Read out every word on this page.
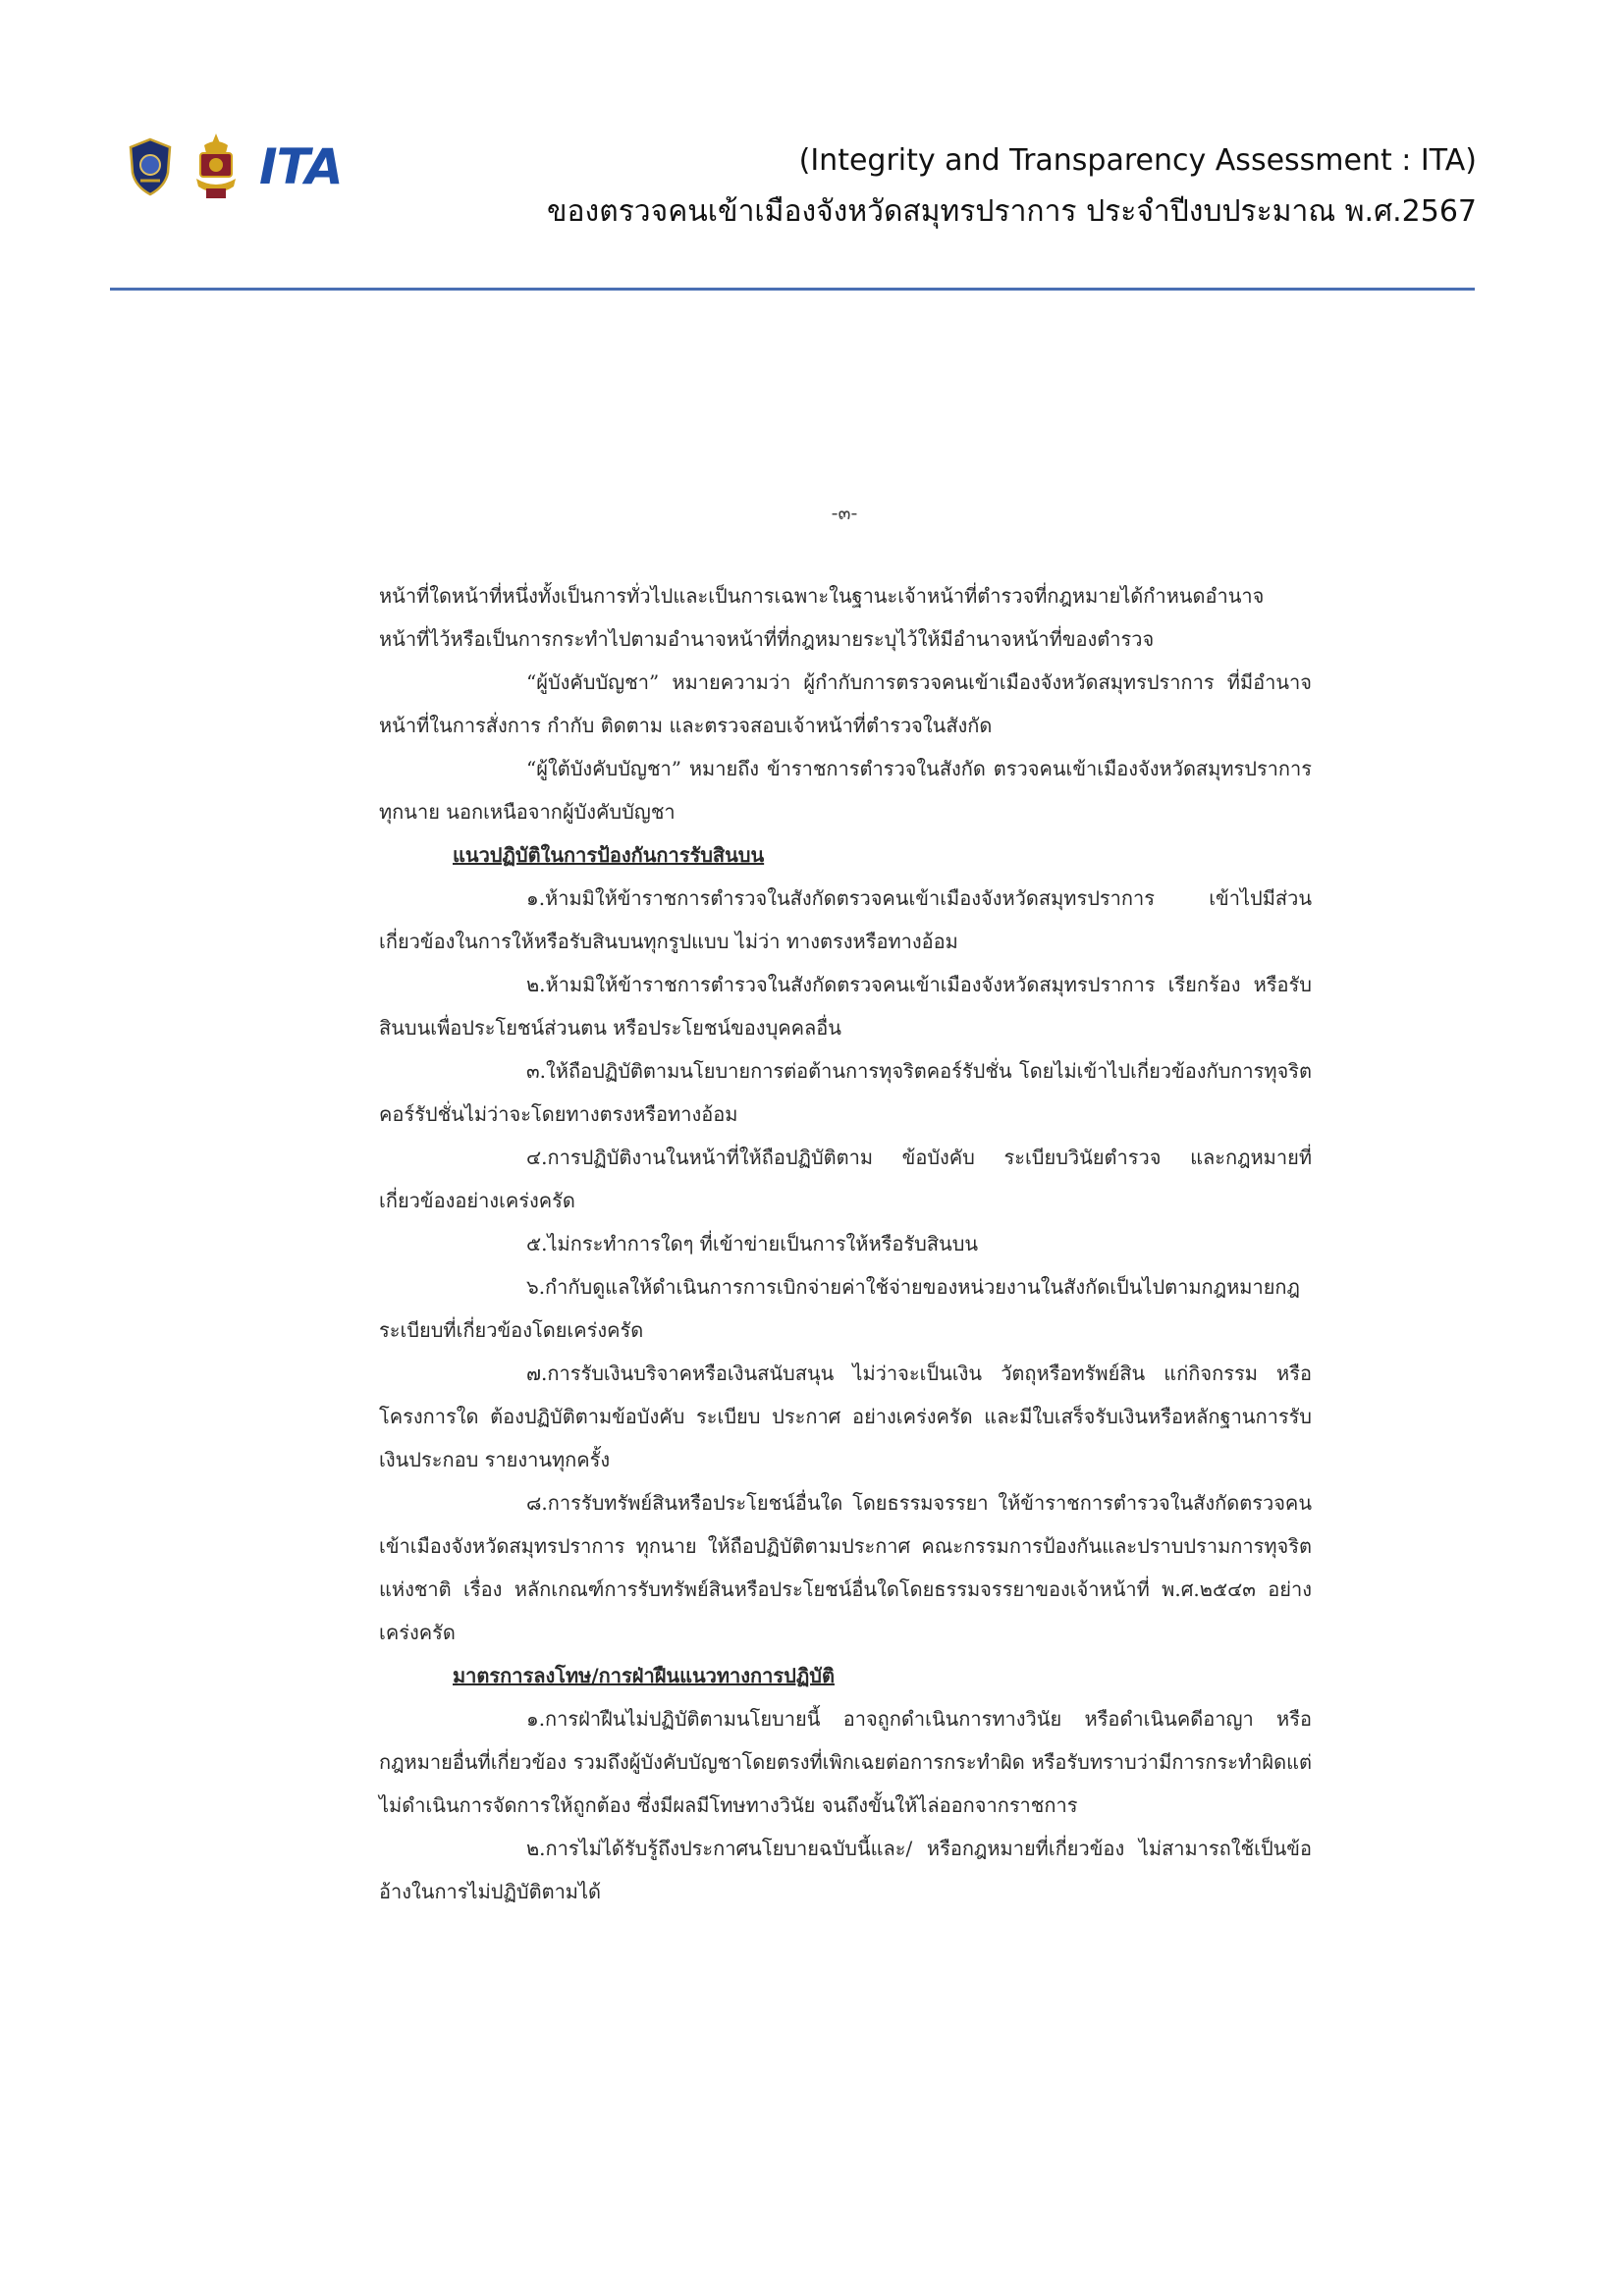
ITA	(Integrity and Transparency Assessment : ITA)
ของตรวจคนเข้าเมืองจังหวัดสมุทรปราการ ประจำปีงบประมาณ พ.ศ.2567
-๓-

หน้าที่ใดหน้าที่หนึ่งทั้งเป็นการทั่วไปและเป็นการเฉพาะในฐานะเจ้าหน้าที่ตำรวจที่กฎหมายได้กำหนดอำนาจหน้าที่ไว้หรือเป็นการกระทำไปตามอำนาจหน้าที่ที่กฎหมายระบุไว้ให้มีอำนาจหน้าที่ของตำรวจ

“ผู้บังคับบัญชา” หมายความว่า ผู้กำกับการตรวจคนเข้าเมืองจังหวัดสมุทรปราการ ที่มีอำนาจหน้าที่ในการสั่งการ กำกับ ติดตาม และตรวจสอบเจ้าหน้าที่ตำรวจในสังกัด

“ผู้ใต้บังคับบัญชา” หมายถึง ข้าราชการตำรวจในสังกัด ตรวจคนเข้าเมืองจังหวัดสมุทรปราการทุกนาย นอกเหนือจากผู้บังคับบัญชา

แนวปฏิบัติในการป้องกันการรับสินบน

๑.ห้ามมิให้ข้าราชการตำรวจในสังกัดตรวจคนเข้าเมืองจังหวัดสมุทรปราการ เข้าไปมีส่วนเกี่ยวข้องในการให้หรือรับสินบนทุกรูปแบบ ไม่ว่า ทางตรงหรือทางอ้อม

๒.ห้ามมิให้ข้าราชการตำรวจในสังกัดตรวจคนเข้าเมืองจังหวัดสมุทรปราการ เรียกร้อง หรือรับสินบนเพื่อประโยชน์ส่วนตน หรือประโยชน์ของบุคคลอื่น

๓.ให้ถือปฏิบัติตามนโยบายการต่อต้านการทุจริตคอร์รัปชั่น โดยไม่เข้าไปเกี่ยวข้องกับการทุจริต คอร์รัปชั่นไม่ว่าจะโดยทางตรงหรือทางอ้อม

๔.การปฏิบัติงานในหน้าที่ให้ถือปฏิบัติตาม ข้อบังคับ ระเบียบวินัยตำรวจ และกฎหมายที่เกี่ยวข้องอย่างเคร่งครัด

๕.ไม่กระทำการใดๆ ที่เข้าข่ายเป็นการให้หรือรับสินบน

๖.กำกับดูแลให้ดำเนินการการเบิกจ่ายค่าใช้จ่ายของหน่วยงานในสังกัดเป็นไปตามกฎหมายกฎระเบียบที่เกี่ยวข้องโดยเคร่งครัด

๗.การรับเงินบริจาคหรือเงินสนับสนุน ไม่ว่าจะเป็นเงิน วัตถุหรือทรัพย์สิน แก่กิจกรรม หรือโครงการใด ต้องปฏิบัติตามข้อบังคับ ระเบียบ ประกาศ อย่างเคร่งครัด และมีใบเสร็จรับเงินหรือหลักฐานการรับเงินประกอบ รายงานทุกครั้ง

๘.การรับทรัพย์สินหรือประโยชน์อื่นใด โดยธรรมจรรยา ให้ข้าราชการตำรวจในสังกัดตรวจคนเข้าเมืองจังหวัดสมุทรปราการ ทุกนาย ให้ถือปฏิบัติตามประกาศ คณะกรรมการป้องกันและปราบปรามการทุจริตแห่งชาติ เรื่อง หลักเกณฑ์การรับทรัพย์สินหรือประโยชน์อื่นใดโดยธรรมจรรยาของเจ้าหน้าที่ พ.ศ.๒๕๔๓ อย่างเคร่งครัด

มาตรการลงโทษ/การฝ่าฝืนแนวทางการปฏิบัติ

๑.การฝ่าฝืนไม่ปฏิบัติตามนโยบายนี้ อาจถูกดำเนินการทางวินัย หรือดำเนินคดีอาญา หรือกฎหมายอื่นที่เกี่ยวข้อง รวมถึงผู้บังคับบัญชาโดยตรงที่เพิกเฉยต่อการกระทำผิด หรือรับทราบว่ามีการกระทำผิดแต่ไม่ดำเนินการจัดการให้ถูกต้อง ซึ่งมีผลมีโทษทางวินัย จนถึงขั้นให้ไล่ออกจากราชการ

๒.การไม่ได้รับรู้ถึงประกาศนโยบายฉบับนี้และ/ หรือกฎหมายที่เกี่ยวข้อง ไม่สามารถใช้เป็นข้ออ้างในการไม่ปฏิบัติตามได้
